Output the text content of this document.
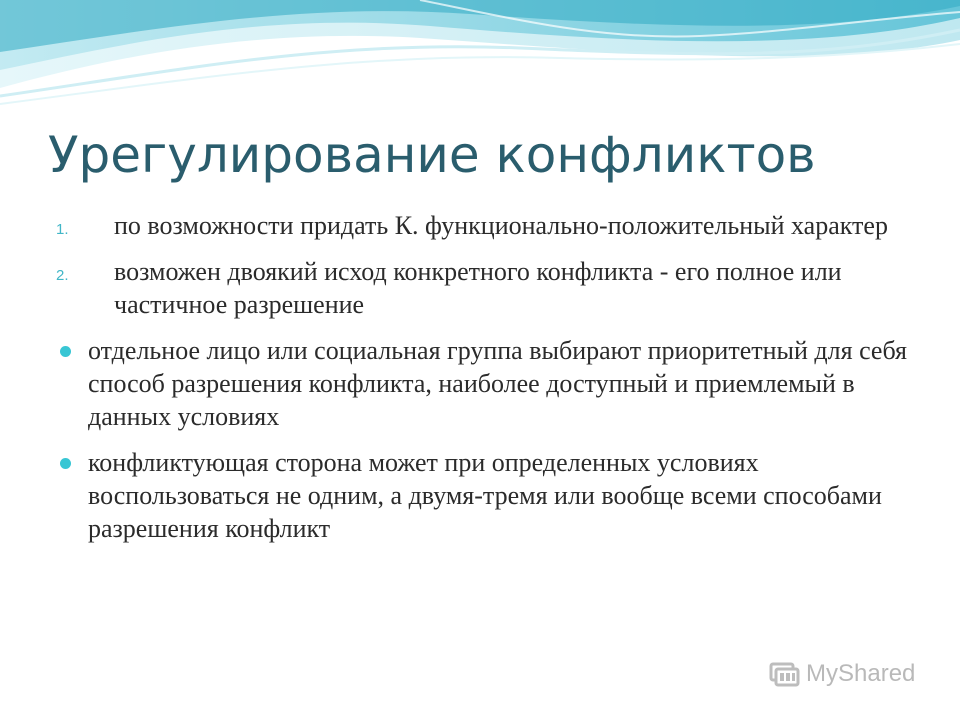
Урегулирование конфликтов
1. по возможности придать К. функционально-положительный характер
2. возможен двоякий исход конкретного конфликта - его полное или частичное разрешение
отдельное лицо или социальная группа выбирают приоритетный для себя способ разрешения конфликта, наиболее доступный и приемлемый в данных условиях
конфликтующая сторона может при определенных условиях воспользоваться не одним, а двумя-тремя или вообще всеми способами разрешения конфликт
MyShared
